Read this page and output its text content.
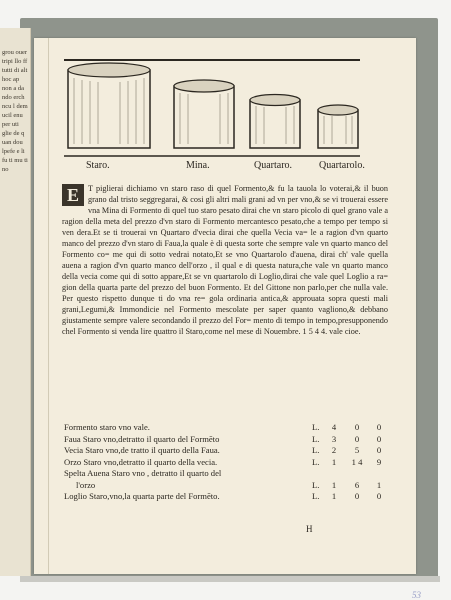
grou ouer tripi llo ff tutti di alt hoc ap non a da ndo erch ncu l dem ucil enu per uti glie de q uan dou lpefe e li fu ti mu ti no	Staro.	Mina.	Quartaro.	Quartarolo.
E	T piglierai dichiamo vn staro raso di quel Formento,& fu la tauola lo voterai,& il buon grano dal tristo seggregarai, & cosi gli altri mali grani ad vn per vno,& se vi trouerai essere vna Mina di Formento di quel tuo staro pesato dirai che vn staro picolo di quel grano vale a ragion della meta del prezzo d'vn staro di Formento mercantesco pesato,che a tempo per tempo si ven dera.Et se ti trouerai vn Quartaro d'vecia dirai che quella Vecia va= le a ragion d'vn quarto manco del prezzo d'vn staro di Faua,la quale è di questa sorte che sempre vale vn quarto manco del Formento co= me qui di sotto vedrai notato,Et se vno Quartarolo d'auena, dirai ch' vale quella auena a ragion d'vn quarto manco dell'orzo , il qual e di questa natura,che vale vn quarto manco della vecia come qui di sotto appare,Et se vn quartarolo di Loglio,dirai che vale quel Loglio a ra= gion della quarta parte del prezzo del buon Formento. Et del Gittone non parlo,per che nulla vale. Per questo rispetto dunque ti do vna re= gola ordinaria antica,& approuata sopra questi mali grani,Legumi,& Immondicie nel Formento mescolate per saper quanto vagliono,& debbano giustamente sempre valere secondando il prezzo del For= mento di tempo in tempo,presupponendo chel Formento si venda lire quattro il Staro,come nel mese di Nouembre. 1 5 4 4. vale cioe.

Formento staro vno vale.	L.	4	0	0
Faua Staro vno,detratto il quarto del Formēto	L.	3	0	0
Vecia Staro vno,de tratto il quarto della Faua.	L.	2	5	0
Orzo Staro vno,detratto il quarto della vecia.	L.	1	1 4	9
Spelta Auena Staro vno , detratto il quarto del
l'orzo	L.	1	6	1
Loglio Staro,vno,la quarta parte del Formēto.	L.	1	0	0
H
53
